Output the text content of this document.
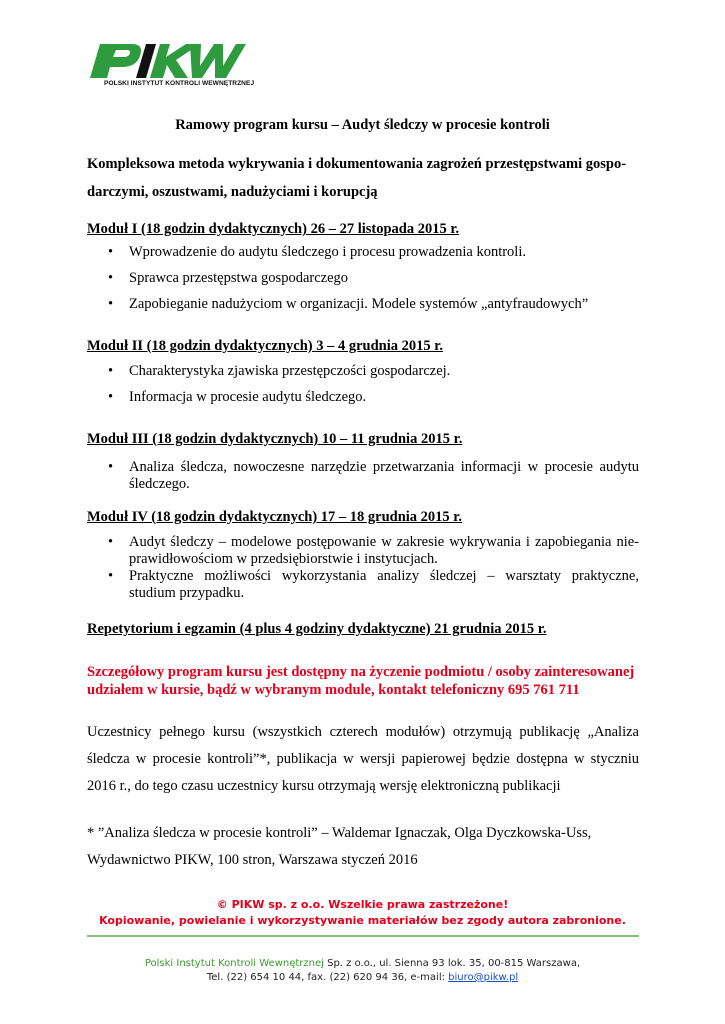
POLSKI INSTYTUT KONTROLI WEWNĘTRZNEJ
Ramowy program kursu – Audyt śledczy w procesie kontroli
Kompleksowa metoda wykrywania i dokumentowania zagrożeń przestępstwami gospo-
darczymi, oszustwami, nadużyciami i korupcją
Moduł I (18 godzin dydaktycznych) 26 – 27 listopada 2015 r.
• Wprowadzenie do audytu śledczego i procesu prowadzenia kontroli.
• Sprawca przestępstwa gospodarczego
• Zapobieganie nadużyciom w organizacji. Modele systemów „antyfraudowych”
Moduł II (18 godzin dydaktycznych) 3 – 4 grudnia 2015 r.
• Charakterystyka zjawiska przestępczości gospodarczej.
• Informacja w procesie audytu śledczego.
Moduł III (18 godzin dydaktycznych) 10 – 11 grudnia 2015 r.
• Analiza śledcza, nowoczesne narzędzie przetwarzania informacji w procesie audytu śledczego.
Moduł IV (18 godzin dydaktycznych) 17 – 18 grudnia 2015 r.
• Audyt śledczy – modelowe postępowanie w zakresie wykrywania i zapobiegania nie-prawidłowościom w przedsiębiorstwie i instytucjach.
• Praktyczne możliwości wykorzystania analizy śledczej – warsztaty praktyczne, studium przypadku.
Repetytorium i egzamin (4 plus 4 godziny dydaktyczne) 21 grudnia 2015 r.
Szczegółowy program kursu jest dostępny na życzenie podmiotu / osoby zainteresowanej udziałem w kursie, bądź w wybranym module, kontakt telefoniczny 695 761 711
Uczestnicy pełnego kursu (wszystkich czterech modułów) otrzymują publikację „Analiza śledcza w procesie kontroli”*, publikacja w wersji papierowej będzie dostępna w styczniu 2016 r., do tego czasu uczestnicy kursu otrzymają wersję elektroniczną publikacji
* ”Analiza śledcza w procesie kontroli” – Waldemar Ignaczak, Olga Dyczkowska-Uss,
Wydawnictwo PIKW, 100 stron, Warszawa styczeń 2016
© PIKW sp. z o.o. Wszelkie prawa zastrzeżone!
Kopiowanie, powielanie i wykorzystywanie materiałów bez zgody autora zabronione.
Polski Instytut Kontroli Wewnętrznej Sp. z o.o., ul. Sienna 93 lok. 35, 00-815 Warszawa,
Tel. (22) 654 10 44, fax. (22) 620 94 36, e-mail: biuro@pikw.pl
